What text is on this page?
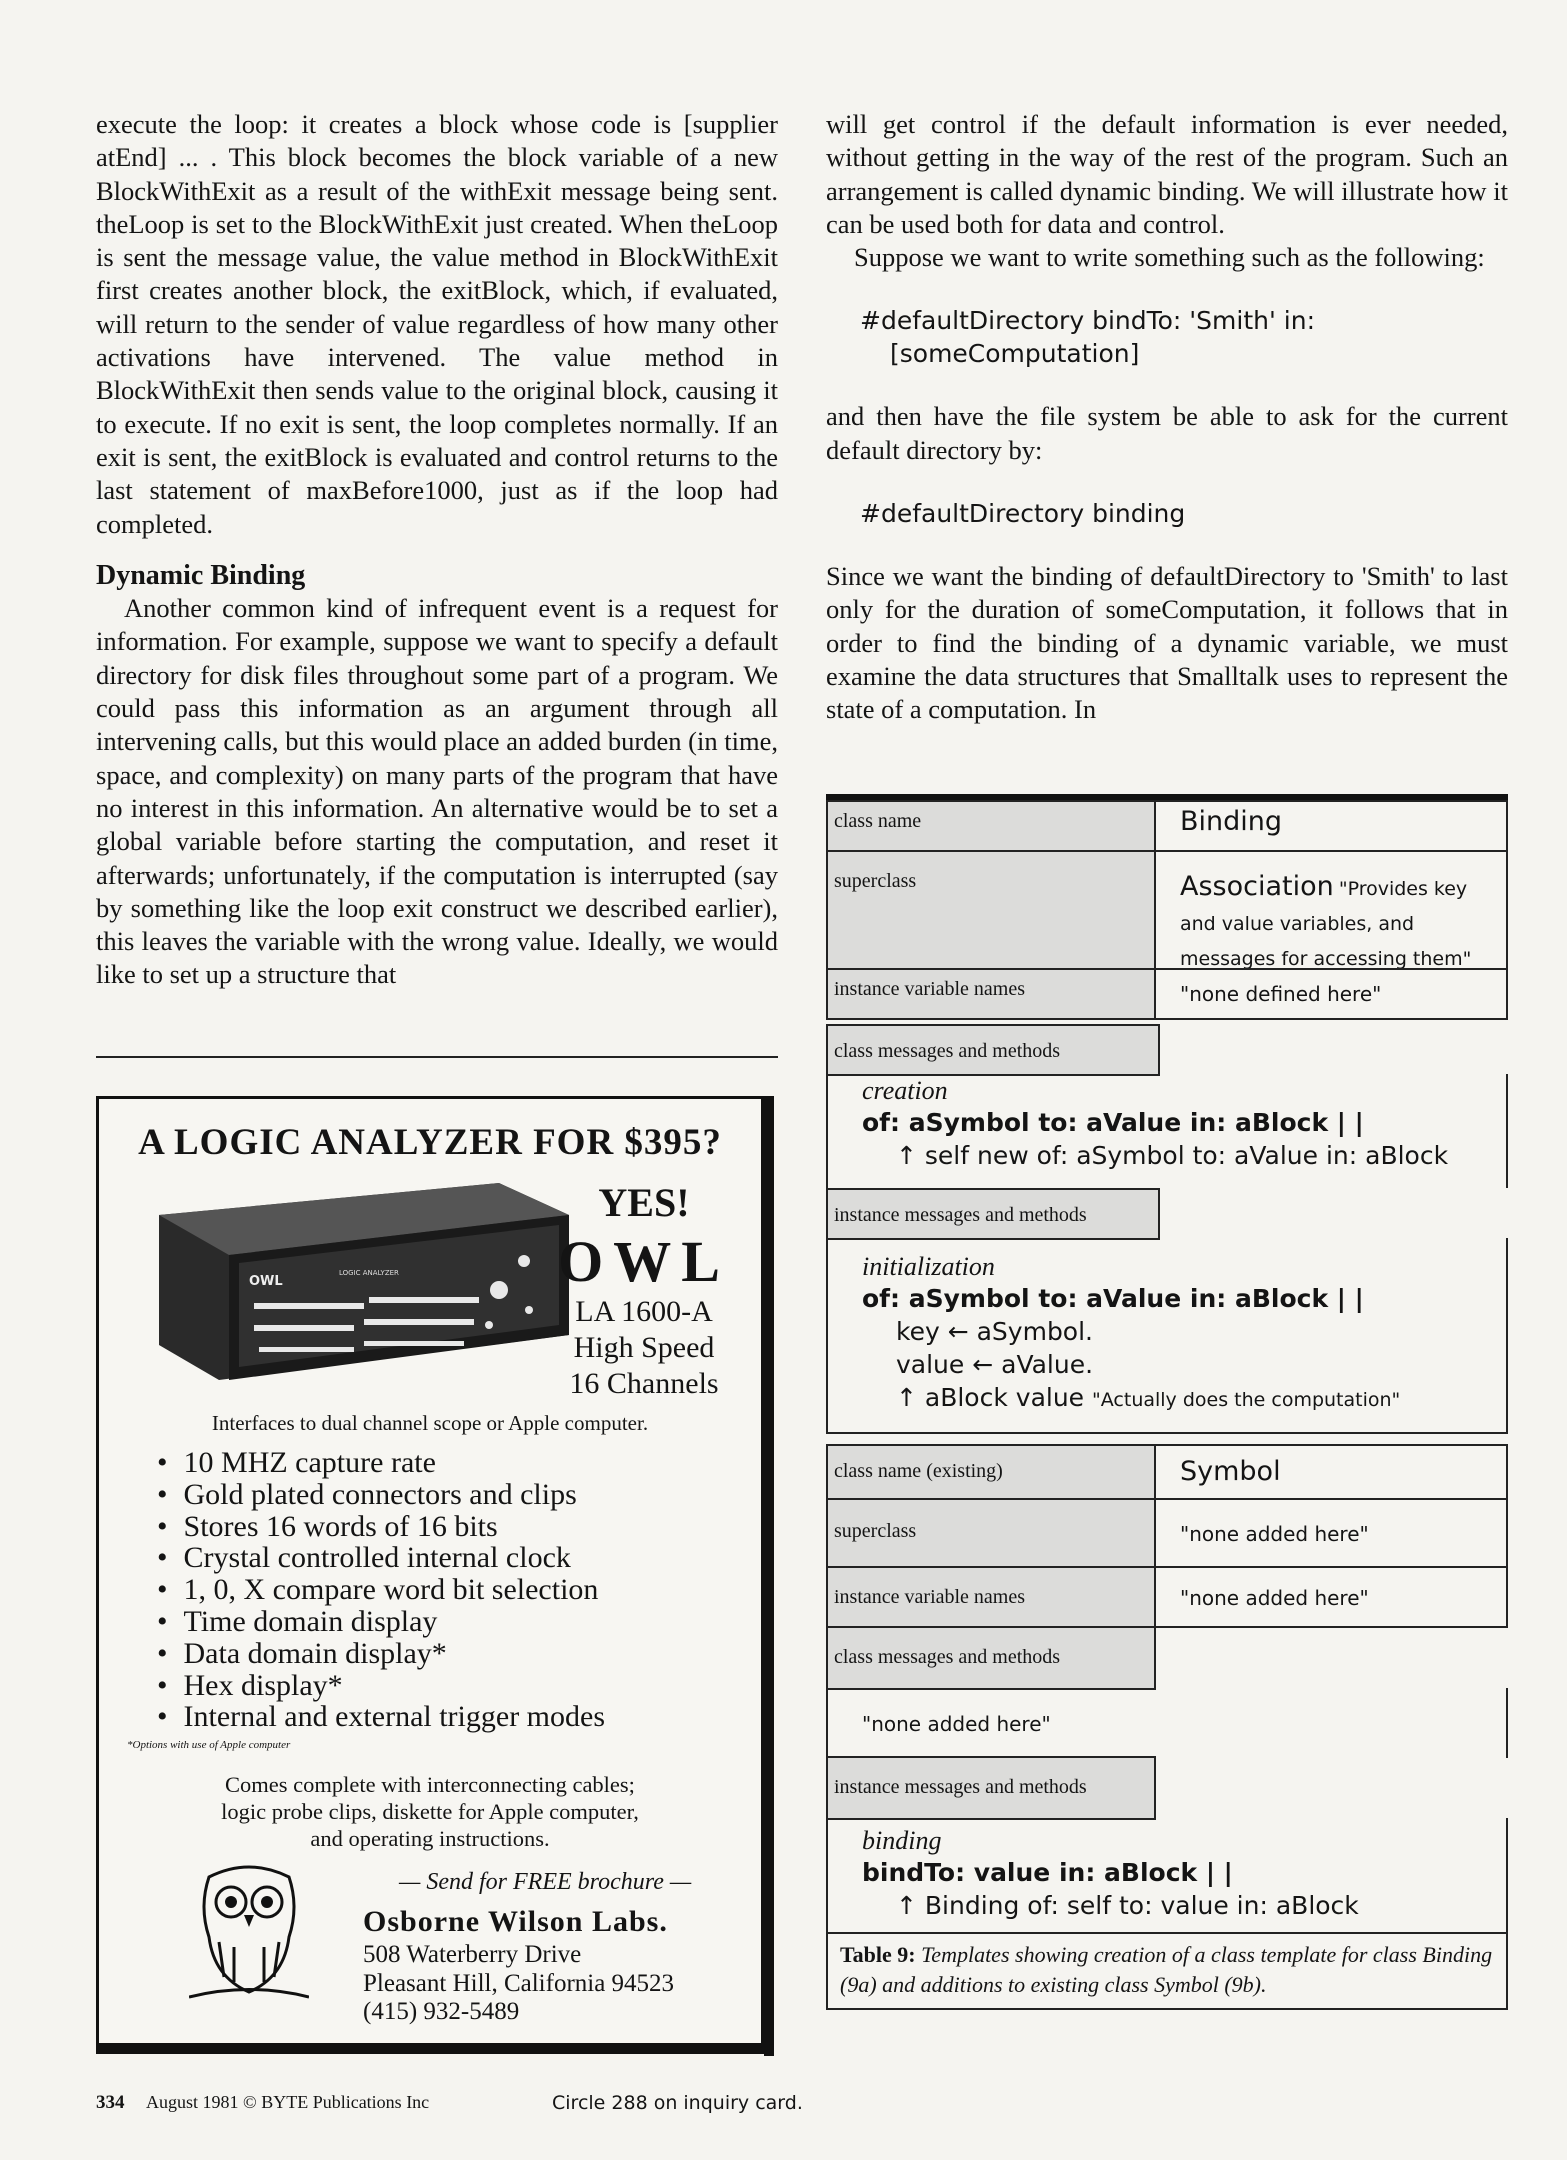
execute the loop: it creates a block whose code is [supplier atEnd] ... . This block becomes the block variable of a new BlockWithExit as a result of the withExit message being sent. theLoop is set to the BlockWithExit just created. When theLoop is sent the message value, the value method in BlockWithExit first creates another block, the exitBlock, which, if evaluated, will return to the sender of value regardless of how many other activations have intervened. The value method in BlockWithExit then sends value to the original block, causing it to execute. If no exit is sent, the loop completes normally. If an exit is sent, the exitBlock is evaluated and control returns to the last statement of maxBefore1000, just as if the loop had completed.

Dynamic Binding

Another common kind of infrequent event is a request for information. For example, suppose we want to specify a default directory for disk files throughout some part of a program. We could pass this information as an argument through all intervening calls, but this would place an added burden (in time, space, and complexity) on many parts of the program that have no interest in this information. An alternative would be to set a global variable before starting the computation, and reset it afterwards; unfortunately, if the computation is interrupted (say by something like the loop exit construct we described earlier), this leaves the variable with the wrong value. Ideally, we would like to set up a structure that

A LOGIC ANALYZER FOR $395?
OWL
LOGIC ANALYZER
YES!
OWL
LA 1600-A
High Speed
16 Channels
Interfaces to dual channel scope or Apple computer.
• 10 MHZ capture rate
• Gold plated connectors and clips
• Stores 16 words of 16 bits
• Crystal controlled internal clock
• 1, 0, X compare word bit selection
• Time domain display
• Data domain display*
• Hex display*
• Internal and external trigger modes
*Options with use of Apple computer
Comes complete with interconnecting cables;
logic probe clips, diskette for Apple computer,
and operating instructions.
— Send for FREE brochure —
Osborne Wilson Labs.
508 Waterberry Drive
Pleasant Hill, California 94523
(415) 932-5489

will get control if the default information is ever needed, without getting in the way of the rest of the program. Such an arrangement is called dynamic binding. We will illustrate how it can be used both for data and control.

Suppose we want to write something such as the following:

#defaultDirectory bindTo: 'Smith' in:
[someComputation]

and then have the file system be able to ask for the current default directory by:

#defaultDirectory binding

Since we want the binding of defaultDirectory to 'Smith' to last only for the duration of someComputation, it follows that in order to find the binding of a dynamic variable, we must examine the data structures that Smalltalk uses to represent the state of a computation. In

class name	Binding
superclass	Association "Provides key and value variables, and messages for accessing them"
instance variable names	"none defined here"
class messages and methods
creation
of: aSymbol to: aValue in: aBlock | |
↑ self new of: aSymbol to: aValue in: aBlock
instance messages and methods
initialization
of: aSymbol to: aValue in: aBlock | |
key ← aSymbol.
value ← aValue.
↑ aBlock value "Actually does the computation"
class name (existing)	Symbol
superclass	"none added here"
instance variable names	"none added here"
class messages and methods
"none added here"
instance messages and methods
binding
bindTo: value in: aBlock | |
↑ Binding of: self to: value in: aBlock
Table 9: Templates showing creation of a class template for class Binding (9a) and additions to existing class Symbol (9b).
334 August 1981 © BYTE Publications Inc	Circle 288 on inquiry card.
